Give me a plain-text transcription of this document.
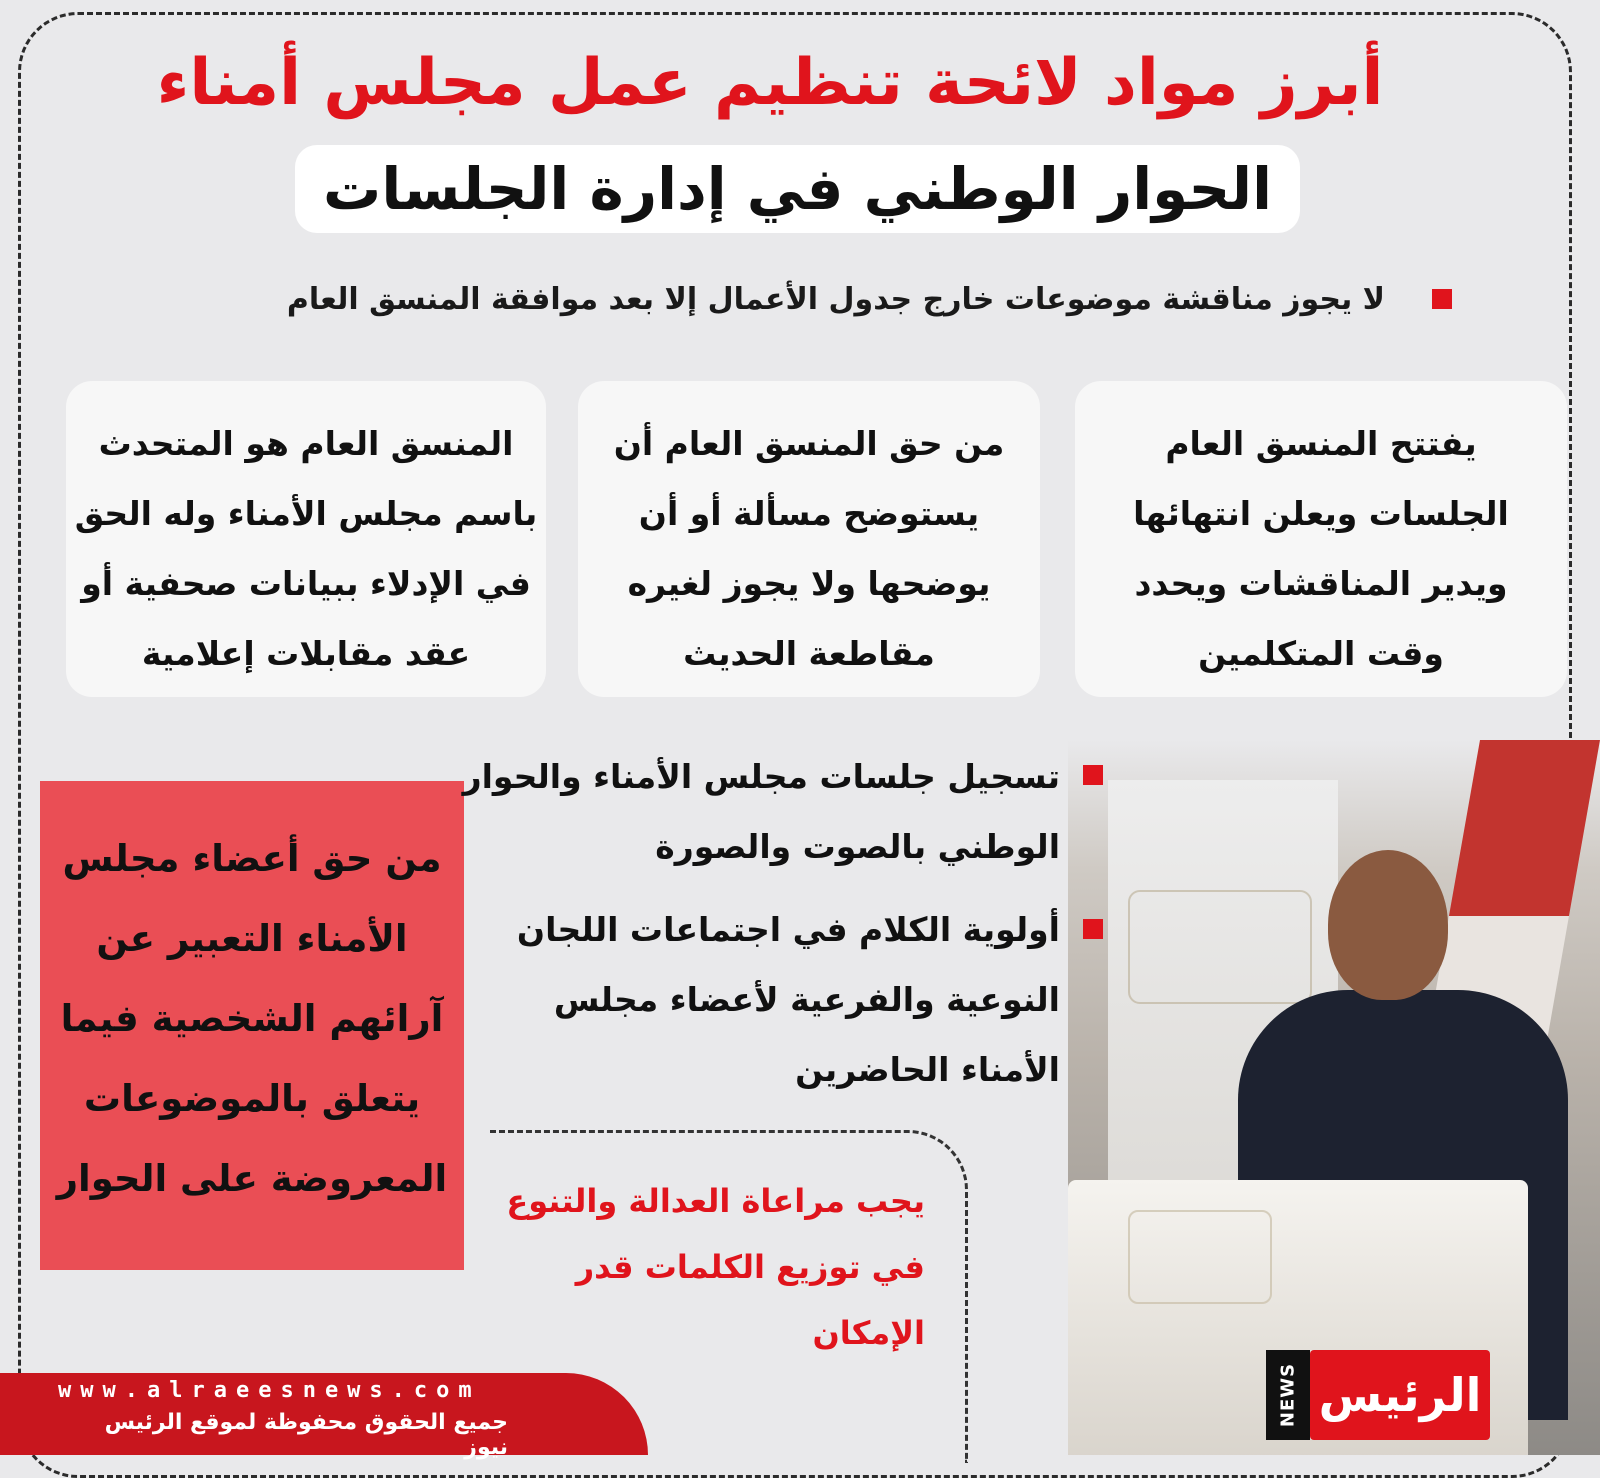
أبرز مواد لائحة تنظيم عمل مجلس أمناء
الحوار الوطني في إدارة الجلسات
لا يجوز مناقشة موضوعات خارج جدول الأعمال إلا بعد موافقة المنسق العام
يفتتح المنسق العام
الجلسات ويعلن انتهائها
ويدير المناقشات ويحدد
وقت المتكلمين
من حق المنسق العام أن
يستوضح مسألة أو أن
يوضحها ولا يجوز لغيره
مقاطعة الحديث
المنسق العام هو المتحدث
باسم مجلس الأمناء وله الحق
في الإدلاء ببيانات صحفية أو
عقد مقابلات إعلامية
من حق أعضاء مجلس
الأمناء التعبير عن
آرائهم الشخصية فيما
يتعلق بالموضوعات
المعروضة على الحوار
تسجيل جلسات مجلس الأمناء والحوار
الوطني بالصوت والصورة
أولوية الكلام في اجتماعات اللجان
النوعية والفرعية لأعضاء مجلس
الأمناء الحاضرين
يجب مراعاة العدالة والتنوع
في توزيع الكلمات قدر
الإمكان
NEWS الرئيس
www.alraeesnews.com
جميع الحقوق محفوظة لموقع الرئيس نيوز
